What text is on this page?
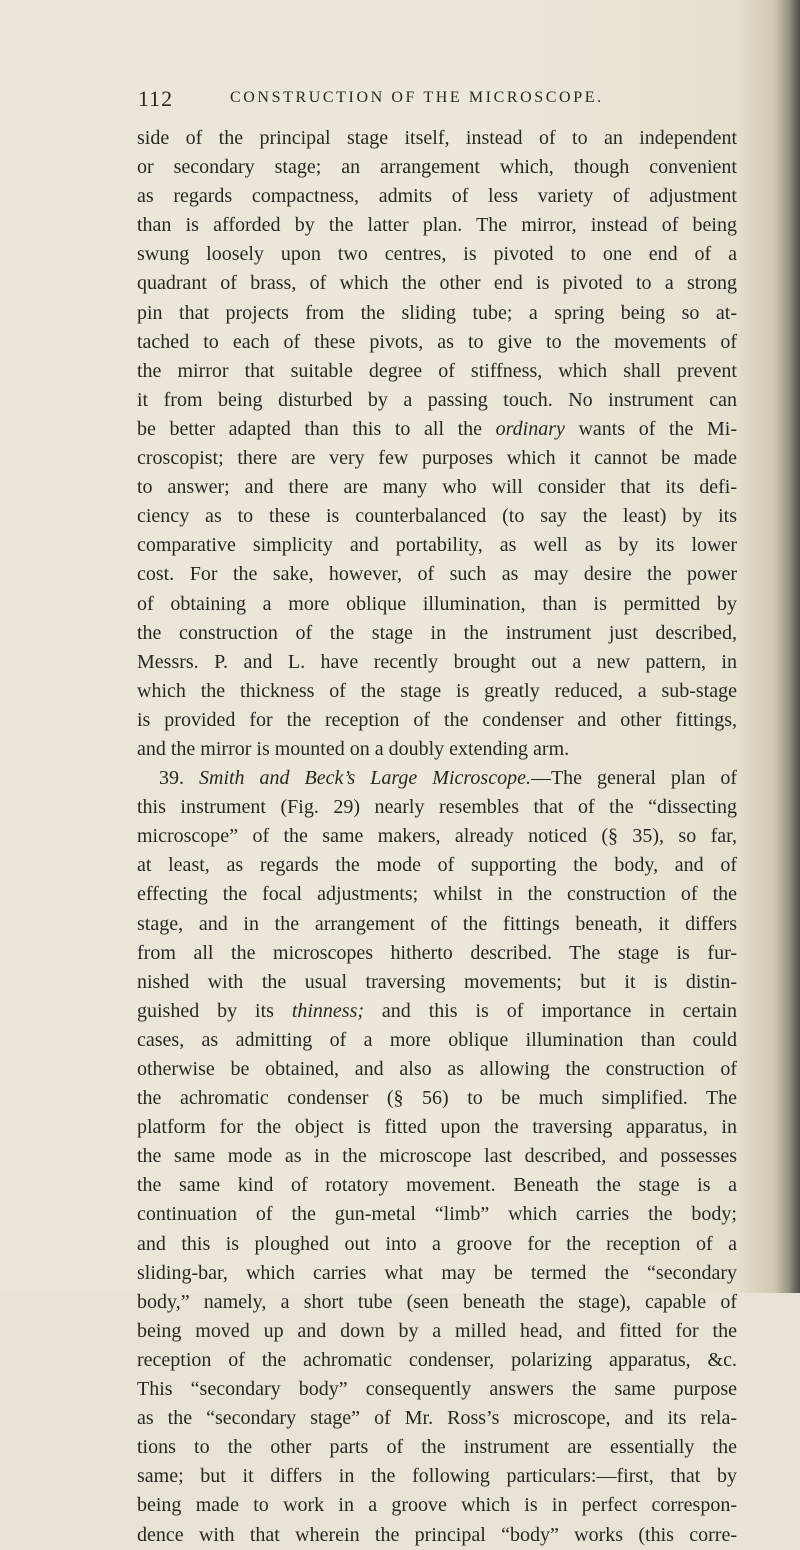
112	CONSTRUCTION OF THE MICROSCOPE.
side of the principal stage itself, instead of to an independent
or secondary stage; an arrangement which, though convenient
as regards compactness, admits of less variety of adjustment
than is afforded by the latter plan. The mirror, instead of being
swung loosely upon two centres, is pivoted to one end of a
quadrant of brass, of which the other end is pivoted to a strong
pin that projects from the sliding tube; a spring being so at-
tached to each of these pivots, as to give to the movements of
the mirror that suitable degree of stiffness, which shall prevent
it from being disturbed by a passing touch. No instrument can
be better adapted than this to all the ordinary wants of the Mi-
croscopist; there are very few purposes which it cannot be made
to answer; and there are many who will consider that its defi-
ciency as to these is counterbalanced (to say the least) by its
comparative simplicity and portability, as well as by its lower
cost. For the sake, however, of such as may desire the power
of obtaining a more oblique illumination, than is permitted by
the construction of the stage in the instrument just described,
Messrs. P. and L. have recently brought out a new pattern, in
which the thickness of the stage is greatly reduced, a sub-stage
is provided for the reception of the condenser and other fittings,
and the mirror is mounted on a doubly extending arm.
39. Smith and Beck’s Large Microscope.—The general plan of
this instrument (Fig. 29) nearly resembles that of the “dissecting
microscope” of the same makers, already noticed (§ 35), so far,
at least, as regards the mode of supporting the body, and of
effecting the focal adjustments; whilst in the construction of the
stage, and in the arrangement of the fittings beneath, it differs
from all the microscopes hitherto described. The stage is fur-
nished with the usual traversing movements; but it is distin-
guished by its thinness; and this is of importance in certain
cases, as admitting of a more oblique illumination than could
otherwise be obtained, and also as allowing the construction of
the achromatic condenser (§ 56) to be much simplified. The
platform for the object is fitted upon the traversing apparatus, in
the same mode as in the microscope last described, and possesses
the same kind of rotatory movement. Beneath the stage is a
continuation of the gun-metal “limb” which carries the body;
and this is ploughed out into a groove for the reception of a
sliding-bar, which carries what may be termed the “secondary
body,” namely, a short tube (seen beneath the stage), capable of
being moved up and down by a milled head, and fitted for the
reception of the achromatic condenser, polarizing apparatus, &c.
This “secondary body” consequently answers the same purpose
as the “secondary stage” of Mr. Ross’s microscope, and its rela-
tions to the other parts of the instrument are essentially the
same; but it differs in the following particulars:—first, that by
being made to work in a groove which is in perfect correspon-
dence with that wherein the principal “body” works (this corre-
